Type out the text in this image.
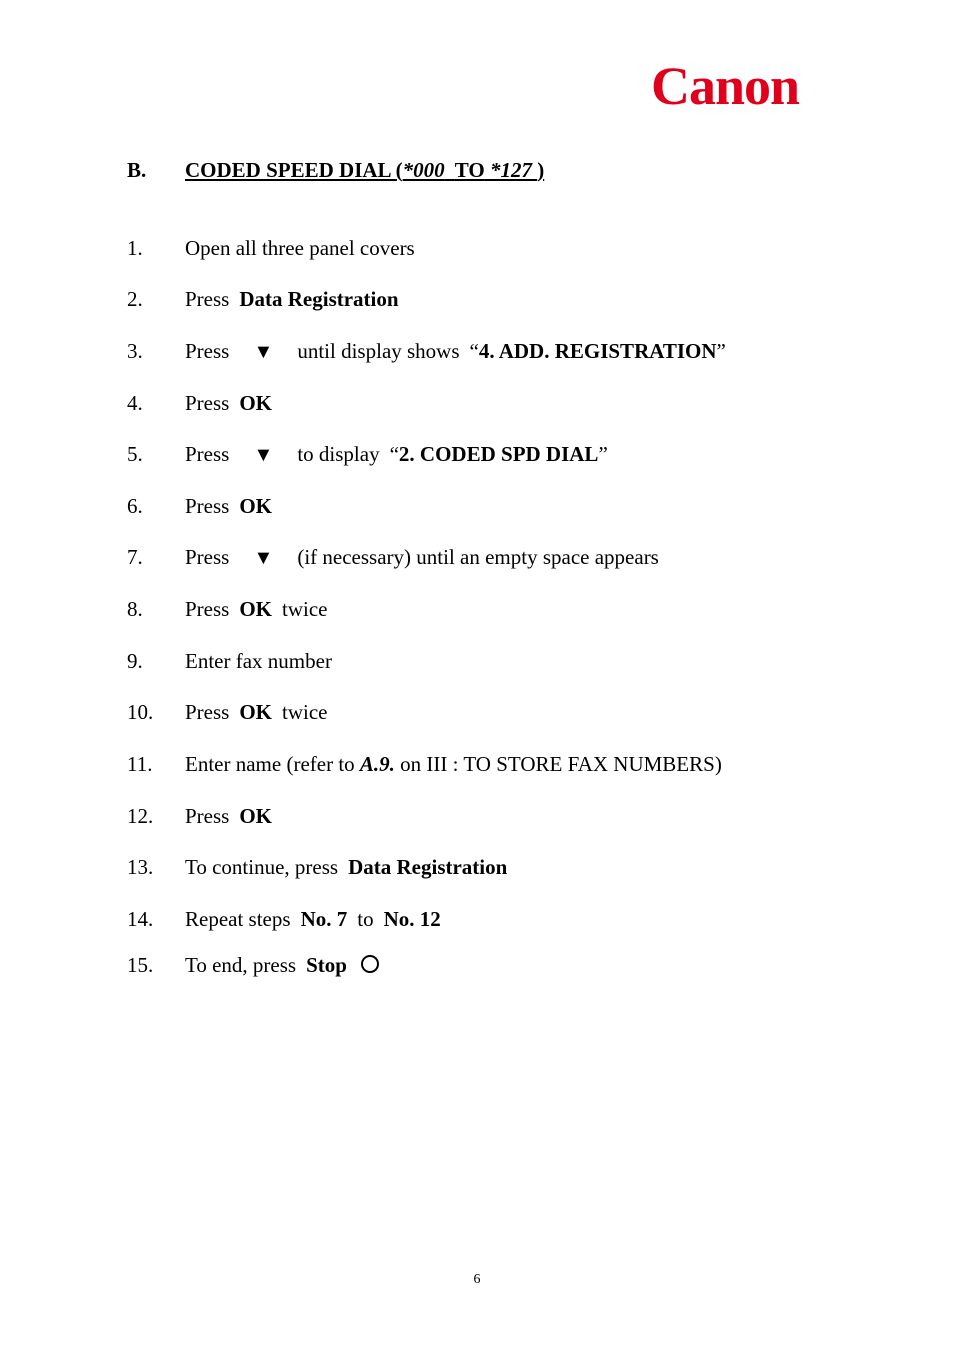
Canon
B.	CODED SPEED DIAL (*000 TO *127 )
1.	Open all three panel covers
2.	Press Data Registration
3.	Press	▼	until display shows “ 4. ADD. REGISTRATION ”
4.	Press OK
5.	Press	▼	to display “ 2. CODED SPD DIAL ”
6.	Press OK
7.	Press	▼	(if necessary) until an empty space appears
8.	Press OK twice
9.	Enter fax number
10.	Press OK twice
11.	Enter name (refer to
A.9.
on III : TO STORE FAX NUMBERS)
12.	Press OK
13.	To continue, press Data Registration
14.	Repeat steps No. 7 to No. 12
15.	To end, press Stop
6
